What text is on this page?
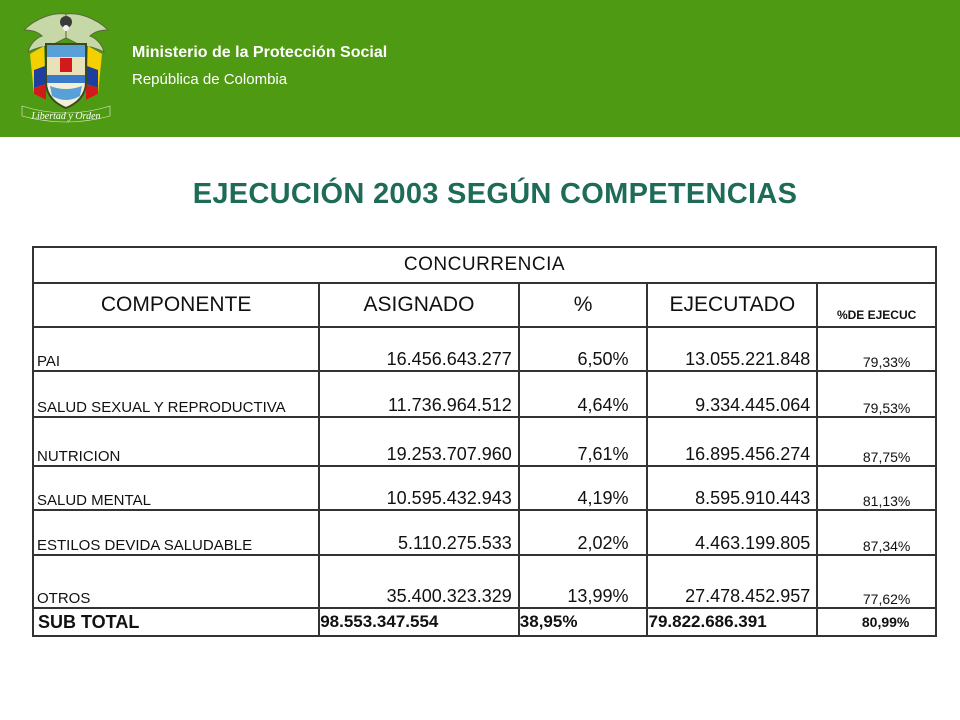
Libertad y Orden
Ministerio de la Protección Social
República de Colombia
EJECUCIÓN 2003 SEGÚN COMPETENCIAS
CONCURRENCIA				
COMPONENTE	ASIGNADO	%	EJECUTADO	%DE EJECUC
PAI	16.456.643.277	6,50%	13.055.221.848	79,33%
SALUD SEXUAL Y REPRODUCTIVA	11.736.964.512	4,64%	9.334.445.064	79,53%
NUTRICION	19.253.707.960	7,61%	16.895.456.274	87,75%
SALUD MENTAL	10.595.432.943	4,19%	8.595.910.443	81,13%
ESTILOS DEVIDA SALUDABLE	5.110.275.533	2,02%	4.463.199.805	87,34%
OTROS	35.400.323.329	13,99%	27.478.452.957	77,62%
SUB TOTAL	98.553.347.554	38,95%	79.822.686.391	80,99%
